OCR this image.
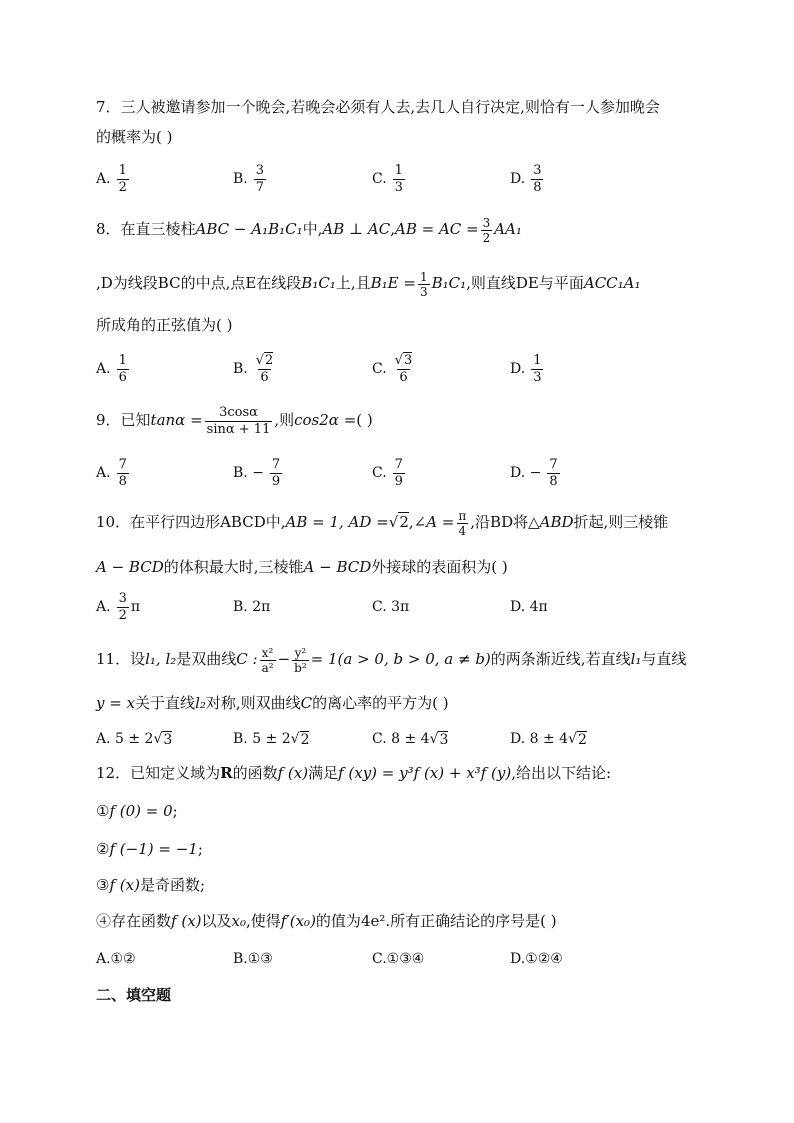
7．三人被邀请参加一个晚会,若晚会必须有人去,去几人自行决定,则恰有一人参加晚会
的概率为( )
A. $\frac{1}{2}$	B. $\frac{3}{7}$	C. $\frac{1}{3}$	D. $\frac{3}{8}$
8．在直三棱柱ABC − A₁B₁C₁中,AB ⊥ AC,AB = AC = $\frac{3}{2} AA_1$
,D为线段BC的中点,点E在线段B₁C₁上,且$B_1E = \frac{1}{3} B_1C_1$,则直线DE与平面ACC₁A₁
所成角的正弦值为( )
A. $\frac{1}{6}$	B. $\frac{√2}{6}$	C. $\frac{√3}{6}$	D. $\frac{1}{3}$
9．已知$\tan\alpha = \frac{3\cos\alpha}{\sin\alpha + 11}$ ,则cos2α =( )
A. $\frac{7}{8}$	B. − $\frac{7}{9}$	C. $\frac{7}{9}$	D. − $\frac{7}{8}$
10．在平行四边形ABCD中,AB = 1, AD =√2,∠A = $\frac{\pi}{4}$ ,沿BD将△ABD折起,则三棱锥
A − BCD的体积最大时,三棱锥A − BCD外接球的表面积为( )
A. $\frac{3}{2}$ π	B. 2π	C. 3π	D. 4π
11．设l₁, l₂是双曲线C : $\frac{\text{x²}}{\text{a²}} - \frac{\text{y²}}{\text{b²}} = 1(a > 0$, b > 0, a ≠ b)的两条渐近线,若直线l₁与直线
y = x关于直线l₂对称,则双曲线C的离心率的平方为( )
A. 5 ± 2 √ 3	B. 5 ± 2 √ 2	C. 8 ± 4 √ 3	D. 8 ± 4 √ 2
12．已知定义域为R的函数f (x)满足f (xy) = y³f (x) + x³f (y),给出以下结论:
①f (0) = 0;
②f (−1) = −1;
③f (x)是奇函数;
④存在函数f (x)以及x₀,使得f′(x₀)的值为4e².所有正确结论的序号是( )
A.①②	B.①③	C.①③④	D.①②④
二、填空题
